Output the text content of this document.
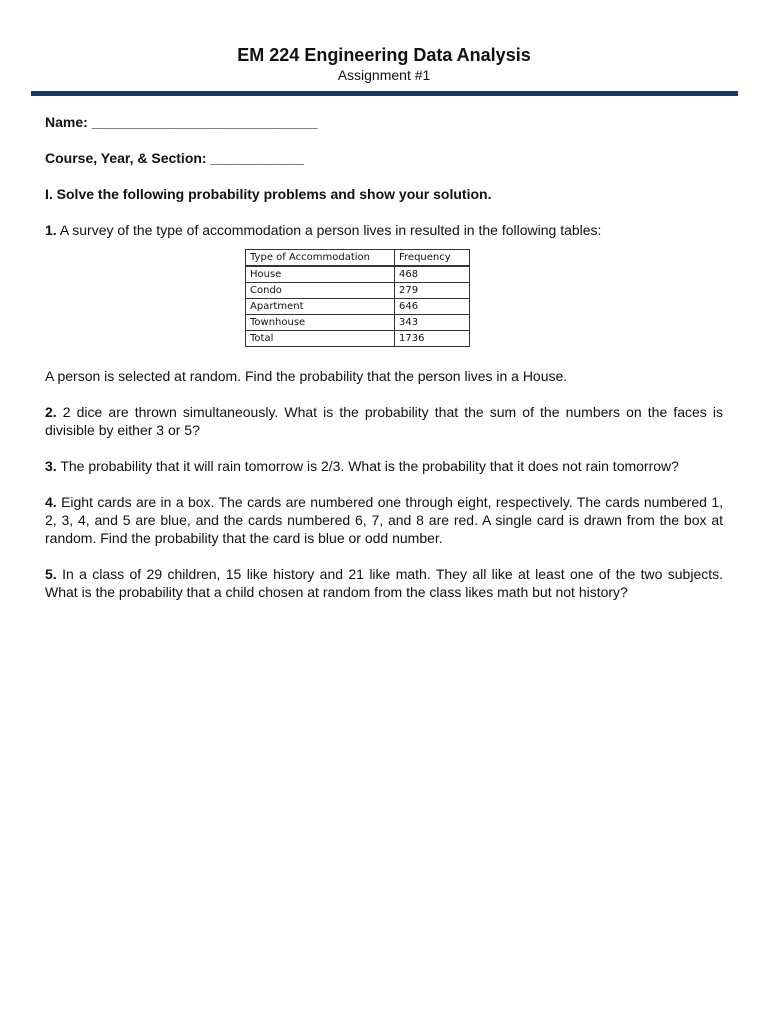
EM 224 Engineering Data Analysis
Assignment #1

Name: _____________________________

Course, Year, & Section: ____________

I. Solve the following probability problems and show your solution.

1. A survey of the type of accommodation a person lives in resulted in the following tables:

Type of Accommodation	Frequency
House	468
Condo	279
Apartment	646
Townhouse	343
Total	1736

A person is selected at random. Find the probability that the person lives in a House.

2. 2 dice are thrown simultaneously. What is the probability that the sum of the numbers on the faces is divisible by either 3 or 5?

3. The probability that it will rain tomorrow is 2/3. What is the probability that it does not rain tomorrow?

4. Eight cards are in a box. The cards are numbered one through eight, respectively. The cards numbered 1, 2, 3, 4, and 5 are blue, and the cards numbered 6, 7, and 8 are red. A single card is drawn from the box at random. Find the probability that the card is blue or odd number.

5. In a class of 29 children, 15 like history and 21 like math. They all like at least one of the two subjects. What is the probability that a child chosen at random from the class likes math but not history?
